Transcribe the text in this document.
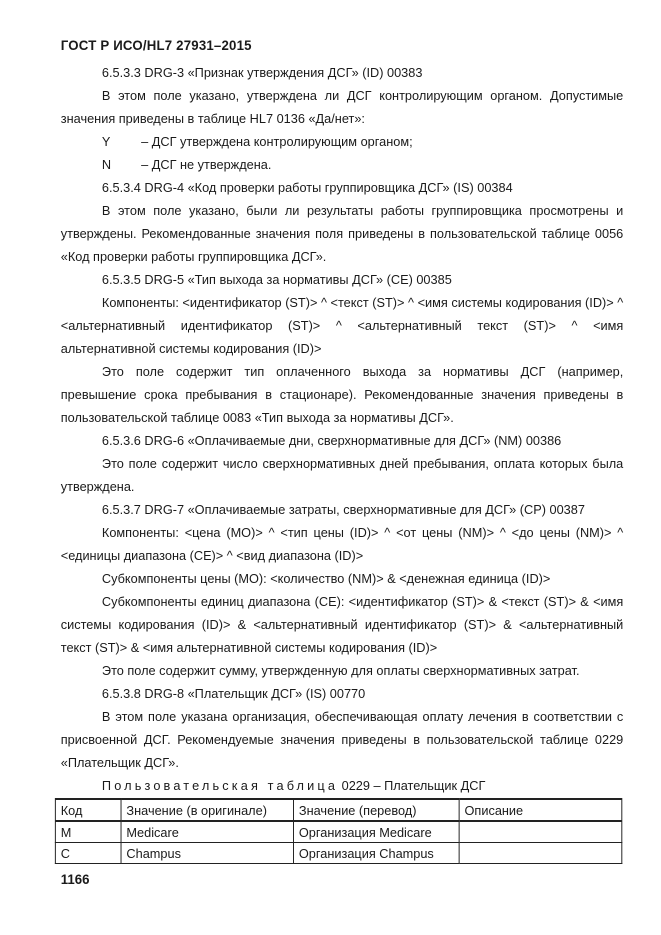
ГОСТ Р ИСО/HL7 27931–2015

6.5.3.3 DRG-3 «Признак утверждения ДСГ» (ID) 00383

В этом поле указано, утверждена ли ДСГ контролирующим органом. Допустимые значения приведены в таблице HL7 0136 «Да/нет»:

Y	– ДСГ утверждена контролирующим органом;
N	– ДСГ не утверждена.

6.5.3.4 DRG-4 «Код проверки работы группировщика ДСГ» (IS) 00384

В этом поле указано, были ли результаты работы группировщика просмотрены и утверждены. Рекомендованные значения поля приведены в пользовательской таблице 0056 «Код проверки работы группировщика ДСГ».

6.5.3.5 DRG-5 «Тип выхода за нормативы ДСГ» (CE) 00385

Компоненты: <идентификатор (ST)> ^ <текст (ST)> ^ <имя системы кодирования (ID)> ^ <альтернативный идентификатор (ST)> ^ <альтернативный текст (ST)> ^ <имя альтернативной системы кодирования (ID)>

Это поле содержит тип оплаченного выхода за нормативы ДСГ (например, превышение срока пребывания в стационаре). Рекомендованные значения приведены в пользовательской таблице 0083 «Тип выхода за нормативы ДСГ».

6.5.3.6 DRG-6 «Оплачиваемые дни, сверхнормативные для ДСГ» (NM) 00386

Это поле содержит число сверхнормативных дней пребывания, оплата которых была утверждена.

6.5.3.7 DRG-7 «Оплачиваемые затраты, сверхнормативные для ДСГ» (CP) 00387

Компоненты: <цена (MO)> ^ <тип цены (ID)> ^ <от цены (NM)> ^ <до цены (NM)> ^ <единицы диапазона (CE)> ^ <вид диапазона (ID)>

Субкомпоненты цены (MO): <количество (NM)> & <денежная единица (ID)>

Субкомпоненты единиц диапазона (CE): <идентификатор (ST)> & <текст (ST)> & <имя системы кодирования (ID)> & <альтернативный идентификатор (ST)> & <альтернативный текст (ST)> & <имя альтернативной системы кодирования (ID)>

Это поле содержит сумму, утвержденную для оплаты сверхнормативных затрат.

6.5.3.8 DRG-8 «Плательщик ДСГ» (IS) 00770

В этом поле указана организация, обеспечивающая оплату лечения в соответствии с присвоенной ДСГ. Рекомендуемые значения приведены в пользовательской таблице 0229 «Плательщик ДСГ».

Пользовательская таблица 0229 – Плательщик ДСГ

Код	Значение (в оригинале)	Значение (перевод)	Описание
M	Medicare	Организация Medicare	
C	Champus	Организация Champus	
1166
